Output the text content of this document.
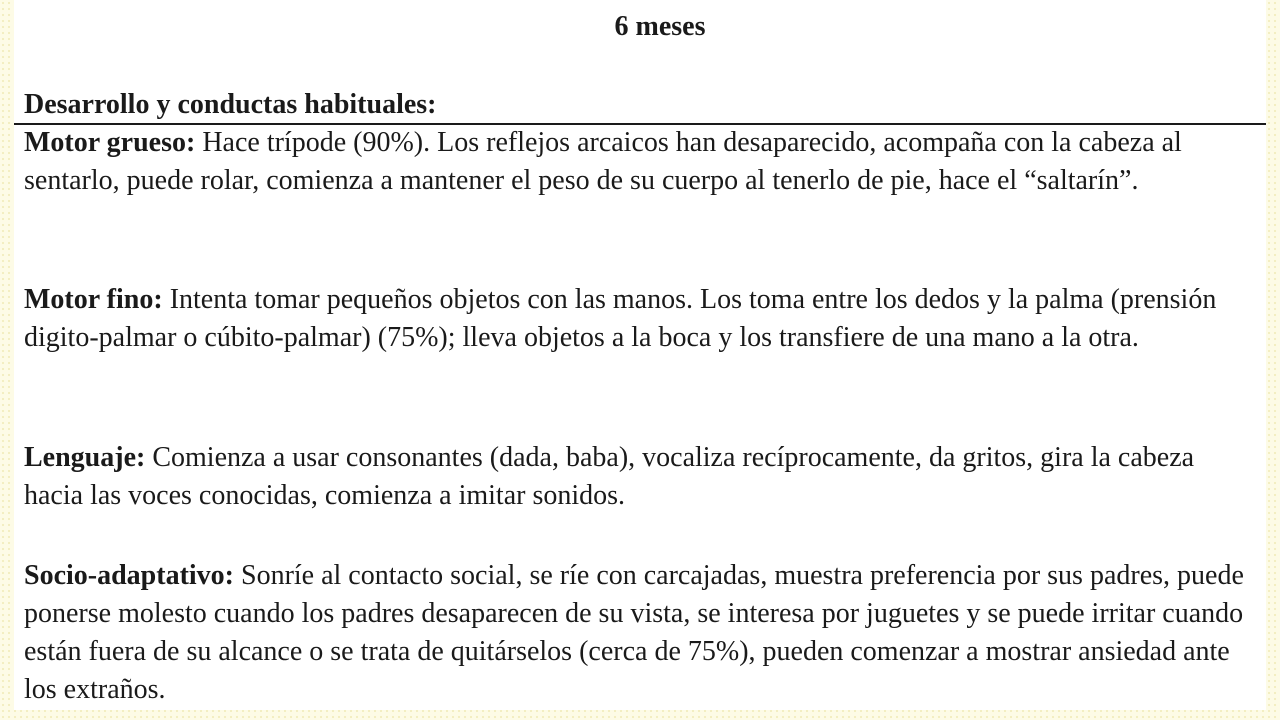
6 meses
Desarrollo y conductas habituales:

Motor grueso: Hace trípode (90%). Los reflejos arcaicos han desaparecido, acompaña con la cabeza al sentarlo, puede rolar, comienza a mantener el peso de su cuerpo al tenerlo de pie, hace el “saltarín”.

Motor fino: Intenta tomar pequeños objetos con las manos. Los toma entre los dedos y la palma (prensión digito-palmar o cúbito-palmar) (75%); lleva objetos a la boca y los transfiere de una mano a la otra.

Lenguaje: Comienza a usar consonantes (dada, baba), vocaliza recíprocamente, da gritos, gira la cabeza hacia las voces conocidas, comienza a imitar sonidos.

Socio-adaptativo: Sonríe al contacto social, se ríe con carcajadas, muestra preferencia por sus padres, puede ponerse molesto cuando los padres desaparecen de su vista, se interesa por juguetes y se puede irritar cuando están fuera de su alcance o se trata de quitárselos (cerca de 75%), pueden comenzar a mostrar ansiedad ante los extraños.
